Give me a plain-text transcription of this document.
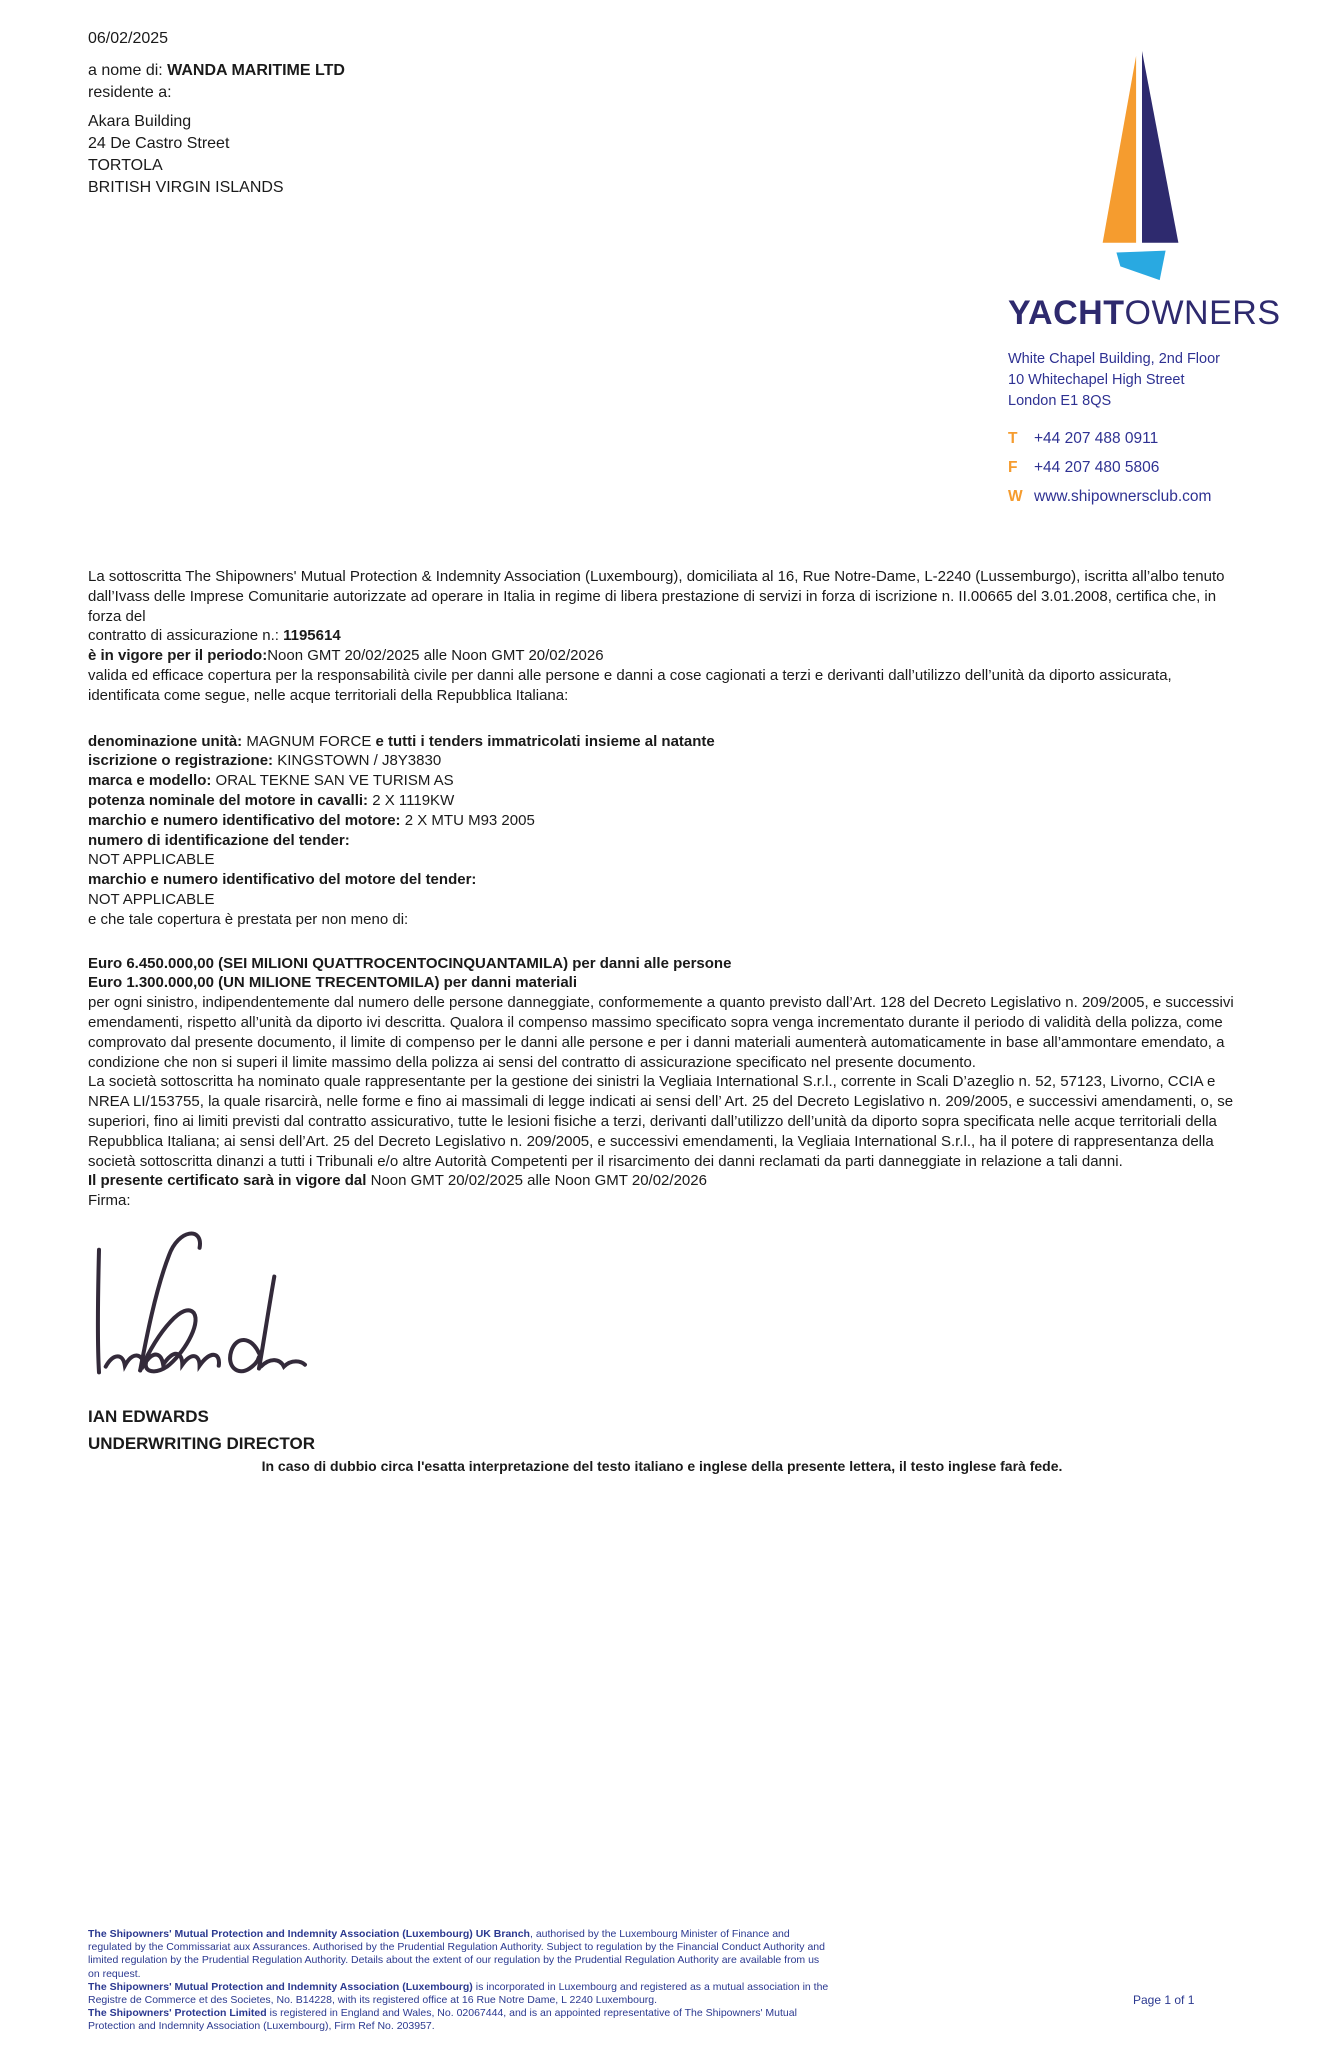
06/02/2025

a nome di: WANDA MARITIME LTD

residente a:

Akara Building

24 De Castro Street

TORTOLA

BRITISH VIRGIN ISLANDS

YACHTOWNERS
White Chapel Building, 2nd Floor
10 Whitechapel High Street
London E1 8QS
T	+44 207 488 0911
F	+44 207 480 5806
W www.shipownersclub.com

La sottoscritta The Shipowners' Mutual Protection & Indemnity Association (Luxembourg), domiciliata al 16, Rue Notre-Dame, L-2240 (Lussemburgo), iscritta all’albo tenuto dall’Ivass delle Imprese Comunitarie autorizzate ad operare in Italia in regime di libera prestazione di servizi in forza di iscrizione n. II.00665 del 3.01.2008, certifica che, in forza del

contratto di assicurazione n.: 1195614

è in vigore per il periodo:Noon GMT 20/02/2025 alle Noon GMT 20/02/2026

valida ed efficace copertura per la responsabilità civile per danni alle persone e danni a cose cagionati a terzi e derivanti dall’utilizzo dell’unità da diporto assicurata, identificata come segue, nelle acque territoriali della Repubblica Italiana:

denominazione unità: MAGNUM FORCE e tutti i tenders immatricolati insieme al natante

iscrizione o registrazione: KINGSTOWN / J8Y3830

marca e modello: ORAL TEKNE SAN VE TURISM AS

potenza nominale del motore in cavalli: 2 X 1119KW

marchio e numero identificativo del motore: 2 X MTU M93 2005

numero di identificazione del tender:

NOT APPLICABLE

marchio e numero identificativo del motore del tender:

NOT APPLICABLE

e che tale copertura è prestata per non meno di:

Euro 6.450.000,00 (SEI MILIONI QUATTROCENTOCINQUANTAMILA) per danni alle persone

Euro 1.300.000,00 (UN MILIONE TRECENTOMILA) per danni materiali

per ogni sinistro, indipendentemente dal numero delle persone danneggiate, conformemente a quanto previsto dall’Art. 128 del Decreto Legislativo n. 209/2005, e successivi emendamenti, rispetto all’unità da diporto ivi descritta. Qualora il compenso massimo specificato sopra venga incrementato durante il periodo di validità della polizza, come comprovato dal presente documento, il limite di compenso per le danni alle persone e per i danni materiali aumenterà automaticamente in base all’ammontare emendato, a condizione che non si superi il limite massimo della polizza ai sensi del contratto di assicurazione specificato nel presente documento.

La società sottoscritta ha nominato quale rappresentante per la gestione dei sinistri la Vegliaia International S.r.l., corrente in Scali D’azeglio n. 52, 57123, Livorno, CCIA e NREA LI/153755, la quale risarcirà, nelle forme e fino ai massimali di legge indicati ai sensi dell’ Art. 25 del Decreto Legislativo n. 209/2005, e successivi amendamenti, o, se superiori, fino ai limiti previsti dal contratto assicurativo, tutte le lesioni fisiche a terzi, derivanti dall’utilizzo dell’unità da diporto sopra specificata nelle acque territoriali della Repubblica Italiana; ai sensi dell’Art. 25 del Decreto Legislativo n. 209/2005, e successivi emendamenti, la Vegliaia International S.r.l., ha il potere di rappresentanza della società sottoscritta dinanzi a tutti i Tribunali e/o altre Autorità Competenti per il risarcimento dei danni reclamati da parti danneggiate in relazione a tali danni.

Il presente certificato sarà in vigore dal Noon GMT 20/02/2025 alle Noon GMT 20/02/2026

Firma:

IAN EDWARDS

UNDERWRITING DIRECTOR

In caso di dubbio circa l'esatta interpretazione del testo italiano e inglese della presente lettera, il testo inglese farà fede.

The Shipowners' Mutual Protection and Indemnity Association (Luxembourg) UK Branch, authorised by the Luxembourg Minister of Finance and regulated by the Commissariat aux Assurances. Authorised by the Prudential Regulation Authority. Subject to regulation by the Financial Conduct Authority and limited regulation by the Prudential Regulation Authority. Details about the extent of our regulation by the Prudential Regulation Authority are available from us on request.

The Shipowners' Mutual Protection and Indemnity Association (Luxembourg) is incorporated in Luxembourg and registered as a mutual association in the Registre de Commerce et des Societes, No. B14228, with its registered office at 16 Rue Notre Dame, L 2240 Luxembourg.

The Shipowners' Protection Limited is registered in England and Wales, No. 02067444, and is an appointed representative of The Shipowners' Mutual Protection and Indemnity Association (Luxembourg), Firm Ref No. 203957.

Page 1 of 1
